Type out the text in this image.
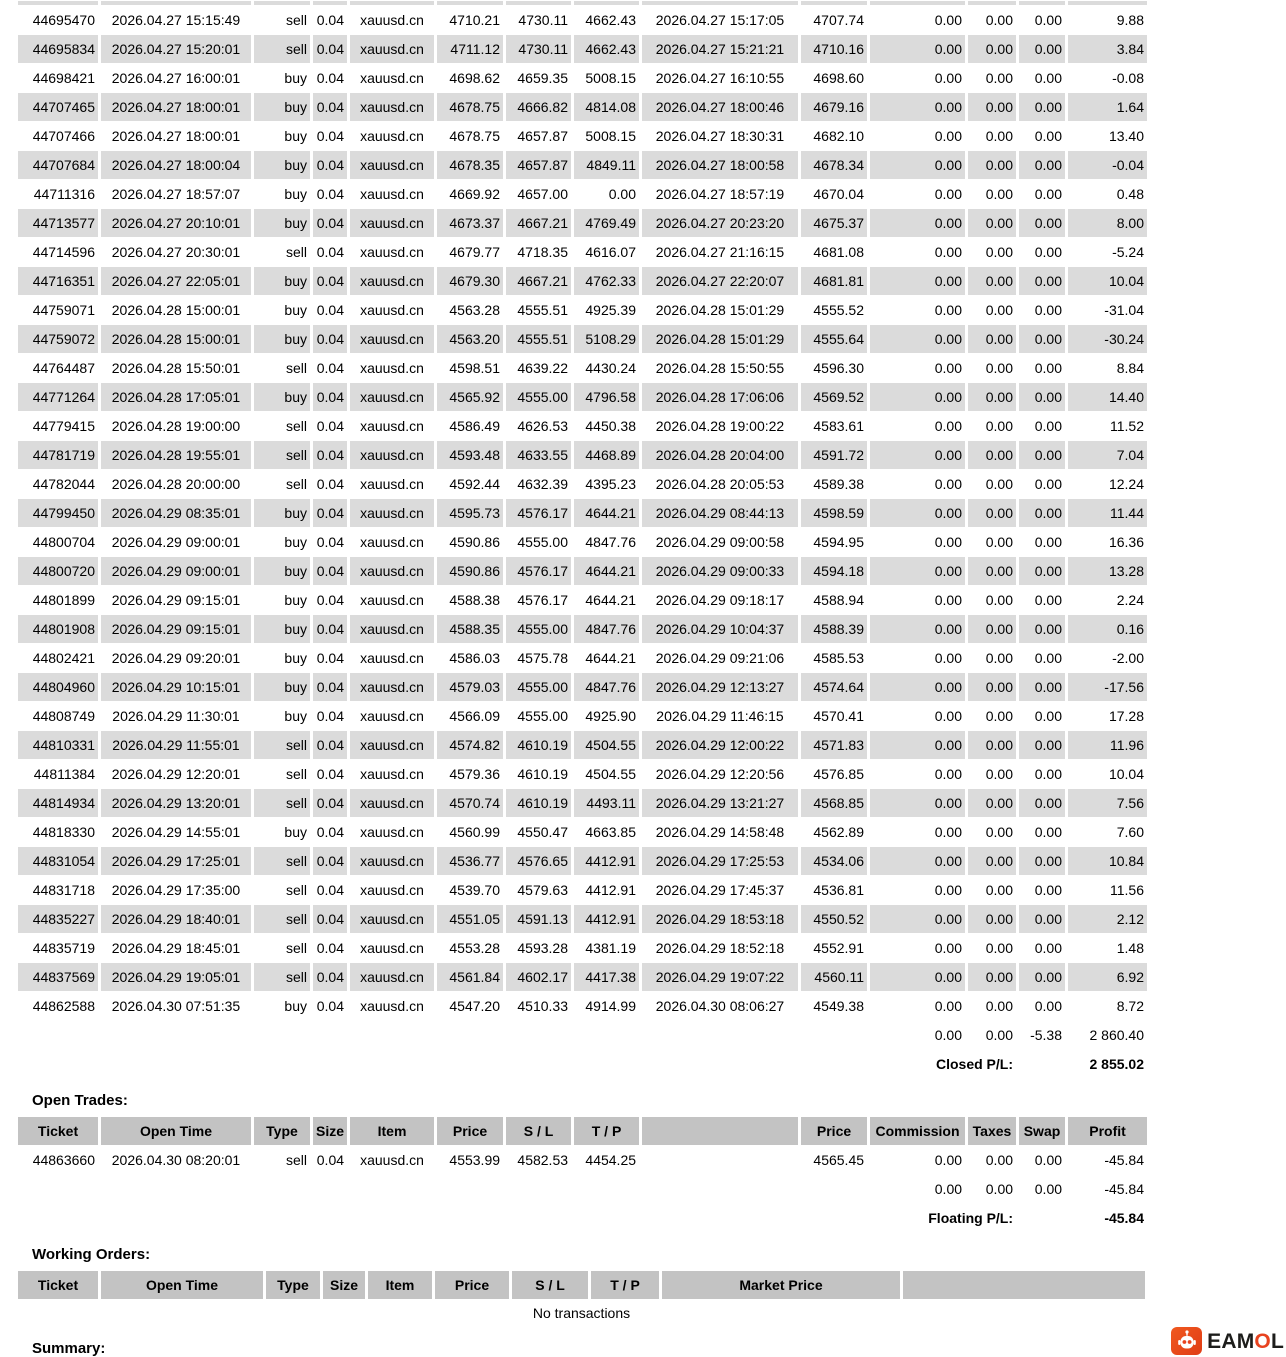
44695470	2026.04.27 15:15:49	sell	0.04	xauusd.cn	4710.21	4730.11	4662.43	2026.04.27 15:17:05	4707.74	0.00	0.00	0.00	9.88
44695834	2026.04.27 15:20:01	sell	0.04	xauusd.cn	4711.12	4730.11	4662.43	2026.04.27 15:21:21	4710.16	0.00	0.00	0.00	3.84
44698421	2026.04.27 16:00:01	buy	0.04	xauusd.cn	4698.62	4659.35	5008.15	2026.04.27 16:10:55	4698.60	0.00	0.00	0.00	-0.08
44707465	2026.04.27 18:00:01	buy	0.04	xauusd.cn	4678.75	4666.82	4814.08	2026.04.27 18:00:46	4679.16	0.00	0.00	0.00	1.64
44707466	2026.04.27 18:00:01	buy	0.04	xauusd.cn	4678.75	4657.87	5008.15	2026.04.27 18:30:31	4682.10	0.00	0.00	0.00	13.40
44707684	2026.04.27 18:00:04	buy	0.04	xauusd.cn	4678.35	4657.87	4849.11	2026.04.27 18:00:58	4678.34	0.00	0.00	0.00	-0.04
44711316	2026.04.27 18:57:07	buy	0.04	xauusd.cn	4669.92	4657.00	0.00	2026.04.27 18:57:19	4670.04	0.00	0.00	0.00	0.48
44713577	2026.04.27 20:10:01	buy	0.04	xauusd.cn	4673.37	4667.21	4769.49	2026.04.27 20:23:20	4675.37	0.00	0.00	0.00	8.00
44714596	2026.04.27 20:30:01	sell	0.04	xauusd.cn	4679.77	4718.35	4616.07	2026.04.27 21:16:15	4681.08	0.00	0.00	0.00	-5.24
44716351	2026.04.27 22:05:01	buy	0.04	xauusd.cn	4679.30	4667.21	4762.33	2026.04.27 22:20:07	4681.81	0.00	0.00	0.00	10.04
44759071	2026.04.28 15:00:01	buy	0.04	xauusd.cn	4563.28	4555.51	4925.39	2026.04.28 15:01:29	4555.52	0.00	0.00	0.00	-31.04
44759072	2026.04.28 15:00:01	buy	0.04	xauusd.cn	4563.20	4555.51	5108.29	2026.04.28 15:01:29	4555.64	0.00	0.00	0.00	-30.24
44764487	2026.04.28 15:50:01	sell	0.04	xauusd.cn	4598.51	4639.22	4430.24	2026.04.28 15:50:55	4596.30	0.00	0.00	0.00	8.84
44771264	2026.04.28 17:05:01	buy	0.04	xauusd.cn	4565.92	4555.00	4796.58	2026.04.28 17:06:06	4569.52	0.00	0.00	0.00	14.40
44779415	2026.04.28 19:00:00	sell	0.04	xauusd.cn	4586.49	4626.53	4450.38	2026.04.28 19:00:22	4583.61	0.00	0.00	0.00	11.52
44781719	2026.04.28 19:55:01	sell	0.04	xauusd.cn	4593.48	4633.55	4468.89	2026.04.28 20:04:00	4591.72	0.00	0.00	0.00	7.04
44782044	2026.04.28 20:00:00	sell	0.04	xauusd.cn	4592.44	4632.39	4395.23	2026.04.28 20:05:53	4589.38	0.00	0.00	0.00	12.24
44799450	2026.04.29 08:35:01	buy	0.04	xauusd.cn	4595.73	4576.17	4644.21	2026.04.29 08:44:13	4598.59	0.00	0.00	0.00	11.44
44800704	2026.04.29 09:00:01	buy	0.04	xauusd.cn	4590.86	4555.00	4847.76	2026.04.29 09:00:58	4594.95	0.00	0.00	0.00	16.36
44800720	2026.04.29 09:00:01	buy	0.04	xauusd.cn	4590.86	4576.17	4644.21	2026.04.29 09:00:33	4594.18	0.00	0.00	0.00	13.28
44801899	2026.04.29 09:15:01	buy	0.04	xauusd.cn	4588.38	4576.17	4644.21	2026.04.29 09:18:17	4588.94	0.00	0.00	0.00	2.24
44801908	2026.04.29 09:15:01	buy	0.04	xauusd.cn	4588.35	4555.00	4847.76	2026.04.29 10:04:37	4588.39	0.00	0.00	0.00	0.16
44802421	2026.04.29 09:20:01	buy	0.04	xauusd.cn	4586.03	4575.78	4644.21	2026.04.29 09:21:06	4585.53	0.00	0.00	0.00	-2.00
44804960	2026.04.29 10:15:01	buy	0.04	xauusd.cn	4579.03	4555.00	4847.76	2026.04.29 12:13:27	4574.64	0.00	0.00	0.00	-17.56
44808749	2026.04.29 11:30:01	buy	0.04	xauusd.cn	4566.09	4555.00	4925.90	2026.04.29 11:46:15	4570.41	0.00	0.00	0.00	17.28
44810331	2026.04.29 11:55:01	sell	0.04	xauusd.cn	4574.82	4610.19	4504.55	2026.04.29 12:00:22	4571.83	0.00	0.00	0.00	11.96
44811384	2026.04.29 12:20:01	sell	0.04	xauusd.cn	4579.36	4610.19	4504.55	2026.04.29 12:20:56	4576.85	0.00	0.00	0.00	10.04
44814934	2026.04.29 13:20:01	sell	0.04	xauusd.cn	4570.74	4610.19	4493.11	2026.04.29 13:21:27	4568.85	0.00	0.00	0.00	7.56
44818330	2026.04.29 14:55:01	buy	0.04	xauusd.cn	4560.99	4550.47	4663.85	2026.04.29 14:58:48	4562.89	0.00	0.00	0.00	7.60
44831054	2026.04.29 17:25:01	sell	0.04	xauusd.cn	4536.77	4576.65	4412.91	2026.04.29 17:25:53	4534.06	0.00	0.00	0.00	10.84
44831718	2026.04.29 17:35:00	sell	0.04	xauusd.cn	4539.70	4579.63	4412.91	2026.04.29 17:45:37	4536.81	0.00	0.00	0.00	11.56
44835227	2026.04.29 18:40:01	sell	0.04	xauusd.cn	4551.05	4591.13	4412.91	2026.04.29 18:53:18	4550.52	0.00	0.00	0.00	2.12
44835719	2026.04.29 18:45:01	sell	0.04	xauusd.cn	4553.28	4593.28	4381.19	2026.04.29 18:52:18	4552.91	0.00	0.00	0.00	1.48
44837569	2026.04.29 19:05:01	sell	0.04	xauusd.cn	4561.84	4602.17	4417.38	2026.04.29 19:07:22	4560.11	0.00	0.00	0.00	6.92
44862588	2026.04.30 07:51:35	buy	0.04	xauusd.cn	4547.20	4510.33	4914.99	2026.04.30 08:06:27	4549.38	0.00	0.00	0.00	8.72
										0.00	0.00	-5.38	2 860.40
										Closed P/L:		2 855.02	
Open Trades:
Ticket	Open Time	Type	Size	Item	Price	S / L	T / P		Price	Commission	Taxes	Swap	Profit
44863660	2026.04.30 08:20:01	sell	0.04	xauusd.cn	4553.99	4582.53	4454.25		4565.45	0.00	0.00	0.00	-45.84
										0.00	0.00	0.00	-45.84
										Floating P/L:		-45.84	
Working Orders:
Ticket	Open Time	Type	Size	Item	Price	S / L	T / P	Market Price	
No transactions
Summary:	EAMOL
